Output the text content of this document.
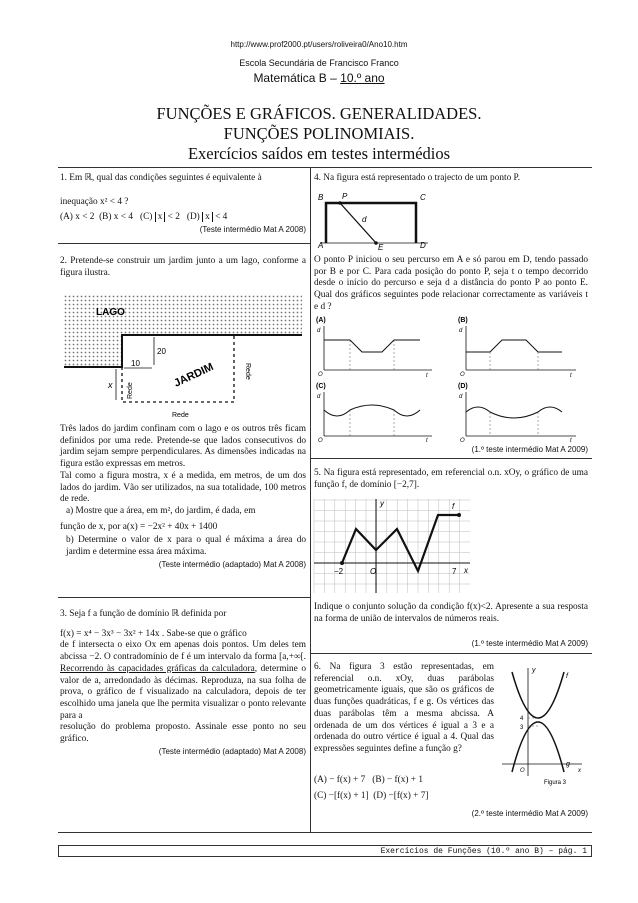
http://www.prof2000.pt/users/roliveira0/Ano10.htm
Escola Secundária de Francisco Franco
Matemática B – 10.º ano
FUNÇÕES E GRÁFICOS. GENERALIDADES.
FUNÇÕES POLINOMIAIS.
Exercícios saídos em testes intermédios

1. Em ℝ, qual das condições seguintes é equivalente à

inequação x² < 4 ?

(A) x < 2 (B) x < 4 (C) x < 2 (D) x < 4

(Teste intermédio Mat A 2008)

2. Pretende-se construir um jardim junto a um lago, conforme a figura ilustra.
LAGO
20
10
x	JARDIM
Rede
Rede
Rede

Três lados do jardim confinam com o lago e os outros três ficam definidos por uma rede. Pretende-se que lados consecutivos do jardim sejam sempre perpendiculares. As dimensões indicadas na figura estão expressas em metros.

Tal como a figura mostra, x é a medida, em metros, de um dos lados do jardim. Vão ser utilizados, na sua totalidade, 100 metros de rede.

a) Mostre que a área, em m², do jardim, é dada, em

função de x, por a(x) = −2x² + 40x + 1400

b) Determine o valor de x para o qual é máxima a área do jardim e determine essa área máxima.

(Teste intermédio (adaptado) Mat A 2008)

3. Seja f a função de domínio ℝ definida por

f(x) = x⁴ − 3x³ − 3x² + 14x . Sabe-se que o gráfico

de f intersecta o eixo Ox em apenas dois pontos. Um deles tem abcissa −2. O contradomínio de f é um intervalo da forma [a,+∞[. Recorrendo às capacidades gráficas da calculadora, determine o valor de a, arredondado às décimas. Reproduza, na sua folha de prova, o gráfico de f visualizado na calculadora, depois de ter escolhido uma janela que lhe permita visualizar o ponto relevante para a

resolução do problema proposto. Assinale esse ponto no seu gráfico.

(Teste intermédio (adaptado) Mat A 2008)

4. Na figura está representado o trajecto de um ponto P.
A
B	C
D
E
P
d
O ponto P iniciou o seu percurso em A e só parou em D, tendo passado por B e por C. Para cada posição do ponto P, seja t o tempo decorrido desde o início do percurso e seja d a distância do ponto P ao ponto E. Qual dos gráficos seguintes pode relacionar correctamente as variáveis t e d ?
(A)
d
t
O
(B)
d
t
O
(C)
d
t
O
(D)
d
t
O
(1.º teste intermédio Mat A 2009)
5. Na figura está representado, em referencial o.n. xOy, o gráfico de uma função f, de domínio [−2,7].
y
x
f
O
−2	7
Indique o conjunto solução da condição f(x)<2. Apresente a sua resposta na forma de união de intervalos de números reais.
(1.º teste intermédio Mat A 2009)
6. Na figura 3 estão representadas, em referencial o.n. xOy, duas parábolas geometricamente iguais, que são os gráficos de duas funções quadráticas, f e g. Os vértices das duas parábolas têm a mesma abcissa. A ordenada de um dos vértices é igual a 3 e a ordenada do outro vértice é igual a 4. Qual das expressões seguintes define a função g?
(A) − f(x) + 7 (B) − f(x) + 1
(C) −[f(x) + 1] (D) −[f(x) + 7]
y
f
g
4
3
O	x
Figura 3
(2.º teste intermédio Mat A 2009)
Exercícios de Funções (10.º ano B) – pág. 1
